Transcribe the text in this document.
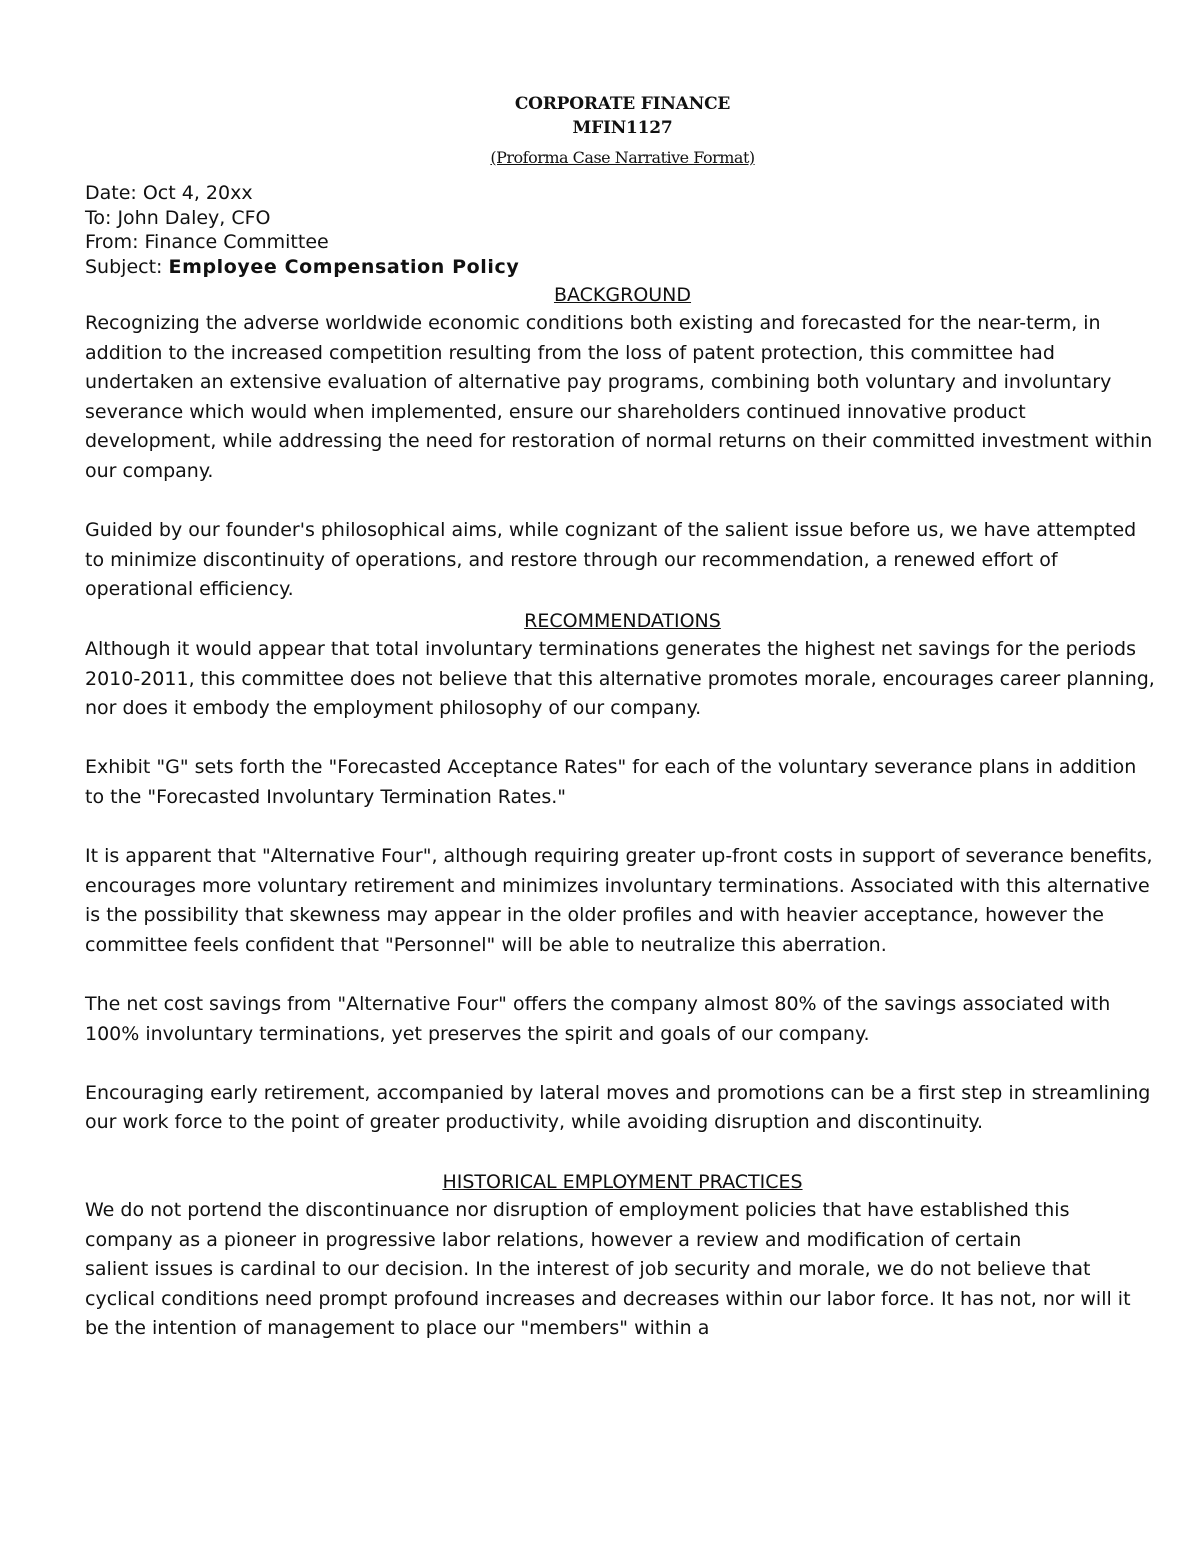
CORPORATE FINANCE
MFIN1127
(Proforma Case Narrative Format)
Date: Oct 4, 20xx
To: John Daley, CFO
From: Finance Committee
Subject: Employee Compensation Policy
BACKGROUND

Recognizing the adverse worldwide economic conditions both existing and forecasted for the near-term, in addition to the increased competition resulting from the loss of patent protection, this committee had undertaken an extensive evaluation of alternative pay programs, combining both voluntary and involuntary severance which would when implemented, ensure our shareholders continued innovative product development, while addressing the need for restoration of normal returns on their committed investment within our company.

Guided by our founder's philosophical aims, while cognizant of the salient issue before us, we have attempted to minimize discontinuity of operations, and restore through our recommendation, a renewed effort of operational efficiency.

RECOMMENDATIONS

Although it would appear that total involuntary terminations generates the highest net savings for the periods 2010-2011, this committee does not believe that this alternative promotes morale, encourages career planning, nor does it embody the employment philosophy of our company.

Exhibit "G" sets forth the "Forecasted Acceptance Rates" for each of the voluntary severance plans in addition to the "Forecasted Involuntary Termination Rates."

It is apparent that "Alternative Four", although requiring greater up-front costs in support of severance benefits, encourages more voluntary retirement and minimizes involuntary terminations. Associated with this alternative is the possibility that skewness may appear in the older profiles and with heavier acceptance, however the committee feels confident that "Personnel" will be able to neutralize this aberration.

The net cost savings from "Alternative Four" offers the company almost 80% of the savings associated with 100% involuntary terminations, yet preserves the spirit and goals of our company.

Encouraging early retirement, accompanied by lateral moves and promotions can be a first step in streamlining our work force to the point of greater productivity, while avoiding disruption and discontinuity.

HISTORICAL EMPLOYMENT PRACTICES

We do not portend the discontinuance nor disruption of employment policies that have established this company as a pioneer in progressive labor relations, however a review and modification of certain

salient issues is cardinal to our decision. In the interest of job security and morale, we do not believe that cyclical conditions need prompt profound increases and decreases within our labor force. It has not, nor will it be the intention of management to place our "members" within a
